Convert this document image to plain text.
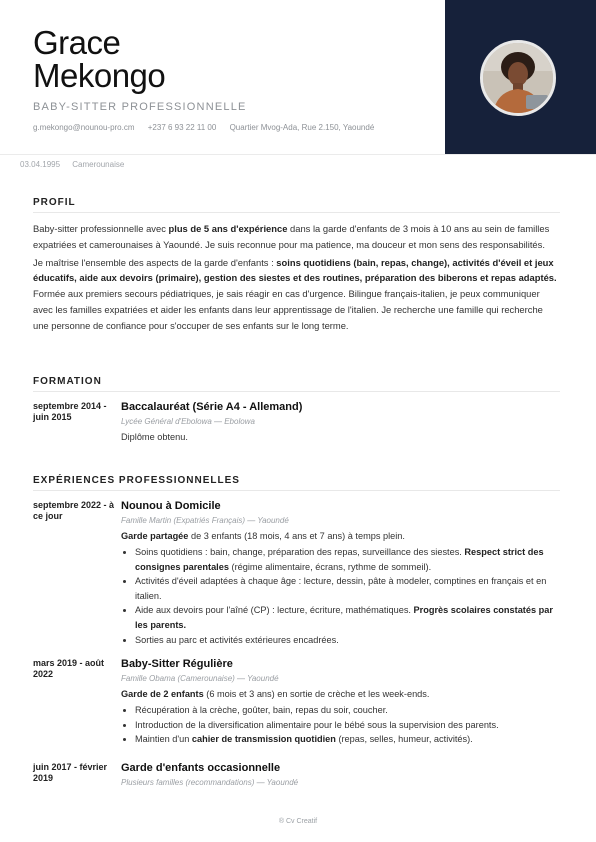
Grace
Mekongo
BABY-SITTER PROFESSIONNELLE
g.mekongo@nounou-pro.cm +237 6 93 22 11 00 Quartier Mvog-Ada, Rue 2.150, Yaoundé
03.04.1995 Camerounaise
PROFIL

Baby-sitter professionnelle avec plus de 5 ans d'expérience dans la garde d'enfants de 3 mois à 10 ans au sein de familles expatriées et camerounaises à Yaoundé. Je suis reconnue pour ma patience, ma douceur et mon sens des responsabilités.

Je maîtrise l'ensemble des aspects de la garde d'enfants : soins quotidiens (bain, repas, change), activités d'éveil et jeux éducatifs, aide aux devoirs (primaire), gestion des siestes et des routines, préparation des biberons et repas adaptés. Formée aux premiers secours pédiatriques, je sais réagir en cas d'urgence. Bilingue français-italien, je peux communiquer avec les familles expatriées et aider les enfants dans leur apprentissage de l'italien. Je recherche une famille qui recherche une personne de confiance pour s'occuper de ses enfants sur le long terme.

FORMATION
septembre 2014 - juin 2015
Baccalauréat (Série A4 - Allemand)
Lycée Général d'Ebolowa — Ebolowa
Diplôme obtenu.
EXPÉRIENCES PROFESSIONNELLES
septembre 2022 - à ce jour
Nounou à Domicile
Famille Martin (Expatriés Français) — Yaoundé
Garde partagée de 3 enfants (18 mois, 4 ans et 7 ans) à temps plein.
• Soins quotidiens : bain, change, préparation des repas, surveillance des siestes. Respect strict des consignes parentales (régime alimentaire, écrans, rythme de sommeil).
• Activités d'éveil adaptées à chaque âge : lecture, dessin, pâte à modeler, comptines en français et en italien.
• Aide aux devoirs pour l'aîné (CP) : lecture, écriture, mathématiques. Progrès scolaires constatés par les parents.
• Sorties au parc et activités extérieures encadrées.
mars 2019 - août 2022
Baby-Sitter Régulière
Famille Obama (Camerounaise) — Yaoundé
Garde de 2 enfants (6 mois et 3 ans) en sortie de crèche et les week-ends.
• Récupération à la crèche, goûter, bain, repas du soir, coucher.
• Introduction de la diversification alimentaire pour le bébé sous la supervision des parents.
• Maintien d'un cahier de transmission quotidien (repas, selles, humeur, activités).
juin 2017 - février 2019
Garde d'enfants occasionnelle
Plusieurs familles (recommandations) — Yaoundé
® Cv Creatif
